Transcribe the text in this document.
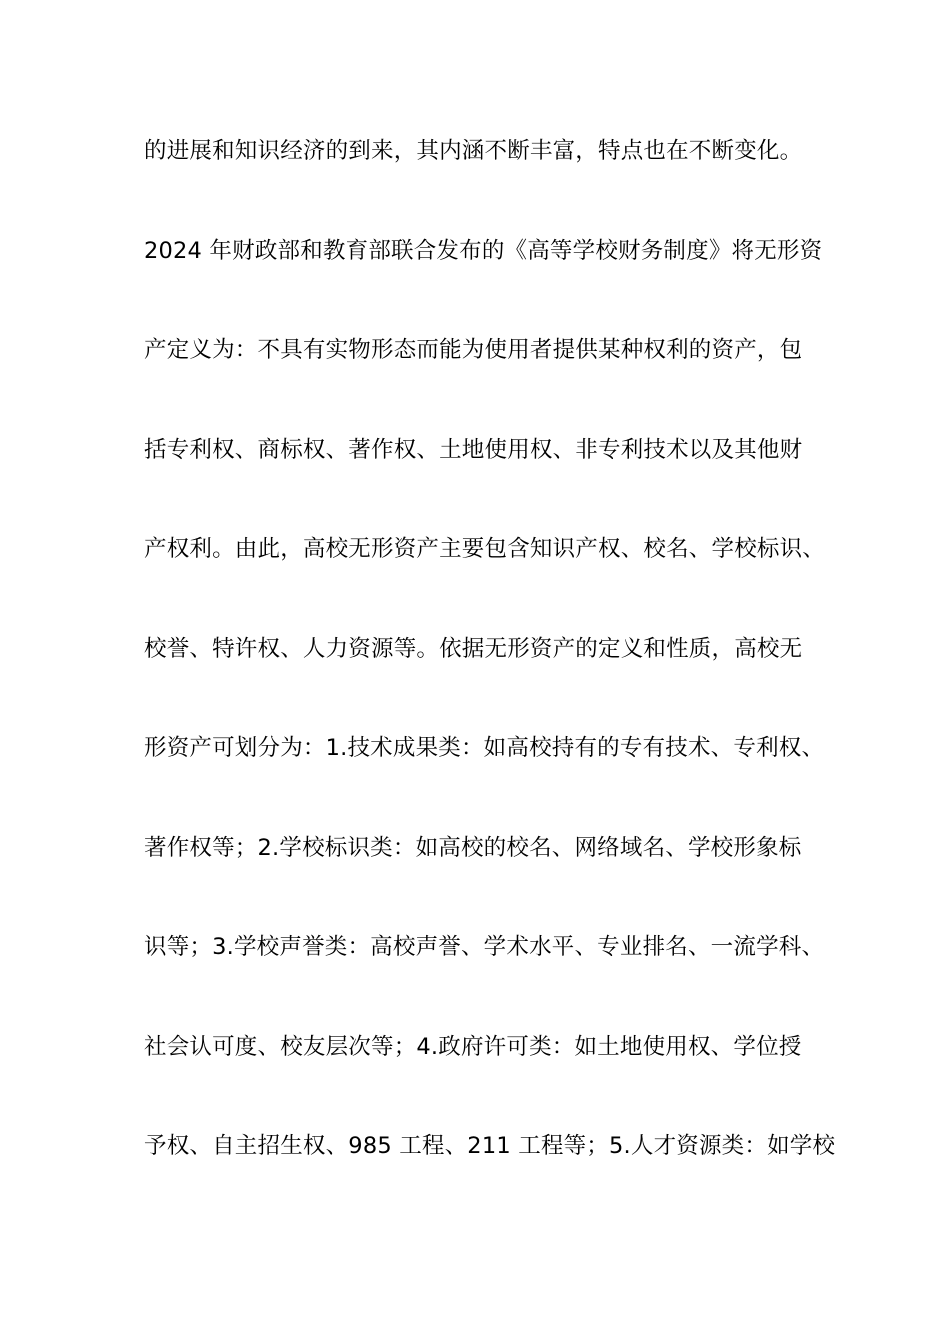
的进展和知识经济的到来，其内涵不断丰富，特点也在不断变化。
2024 年财政部和教育部联合发布的《高等学校财务制度》将无形资
产定义为：不具有实物形态而能为使用者提供某种权利的资产，包
括专利权、商标权、著作权、土地使用权、非专利技术以及其他财
产权利。由此，高校无形资产主要包含知识产权、校名、学校标识、
校誉、特许权、人力资源等。依据无形资产的定义和性质，高校无
形资产可划分为：1.技术成果类：如高校持有的专有技术、专利权、
著作权等；2.学校标识类：如高校的校名、网络域名、学校形象标
识等；3.学校声誉类：高校声誉、学术水平、专业排名、一流学科、
社会认可度、校友层次等；4.政府许可类：如土地使用权、学位授
予权、自主招生权、985 工程、211 工程等；5.人才资源类：如学校
